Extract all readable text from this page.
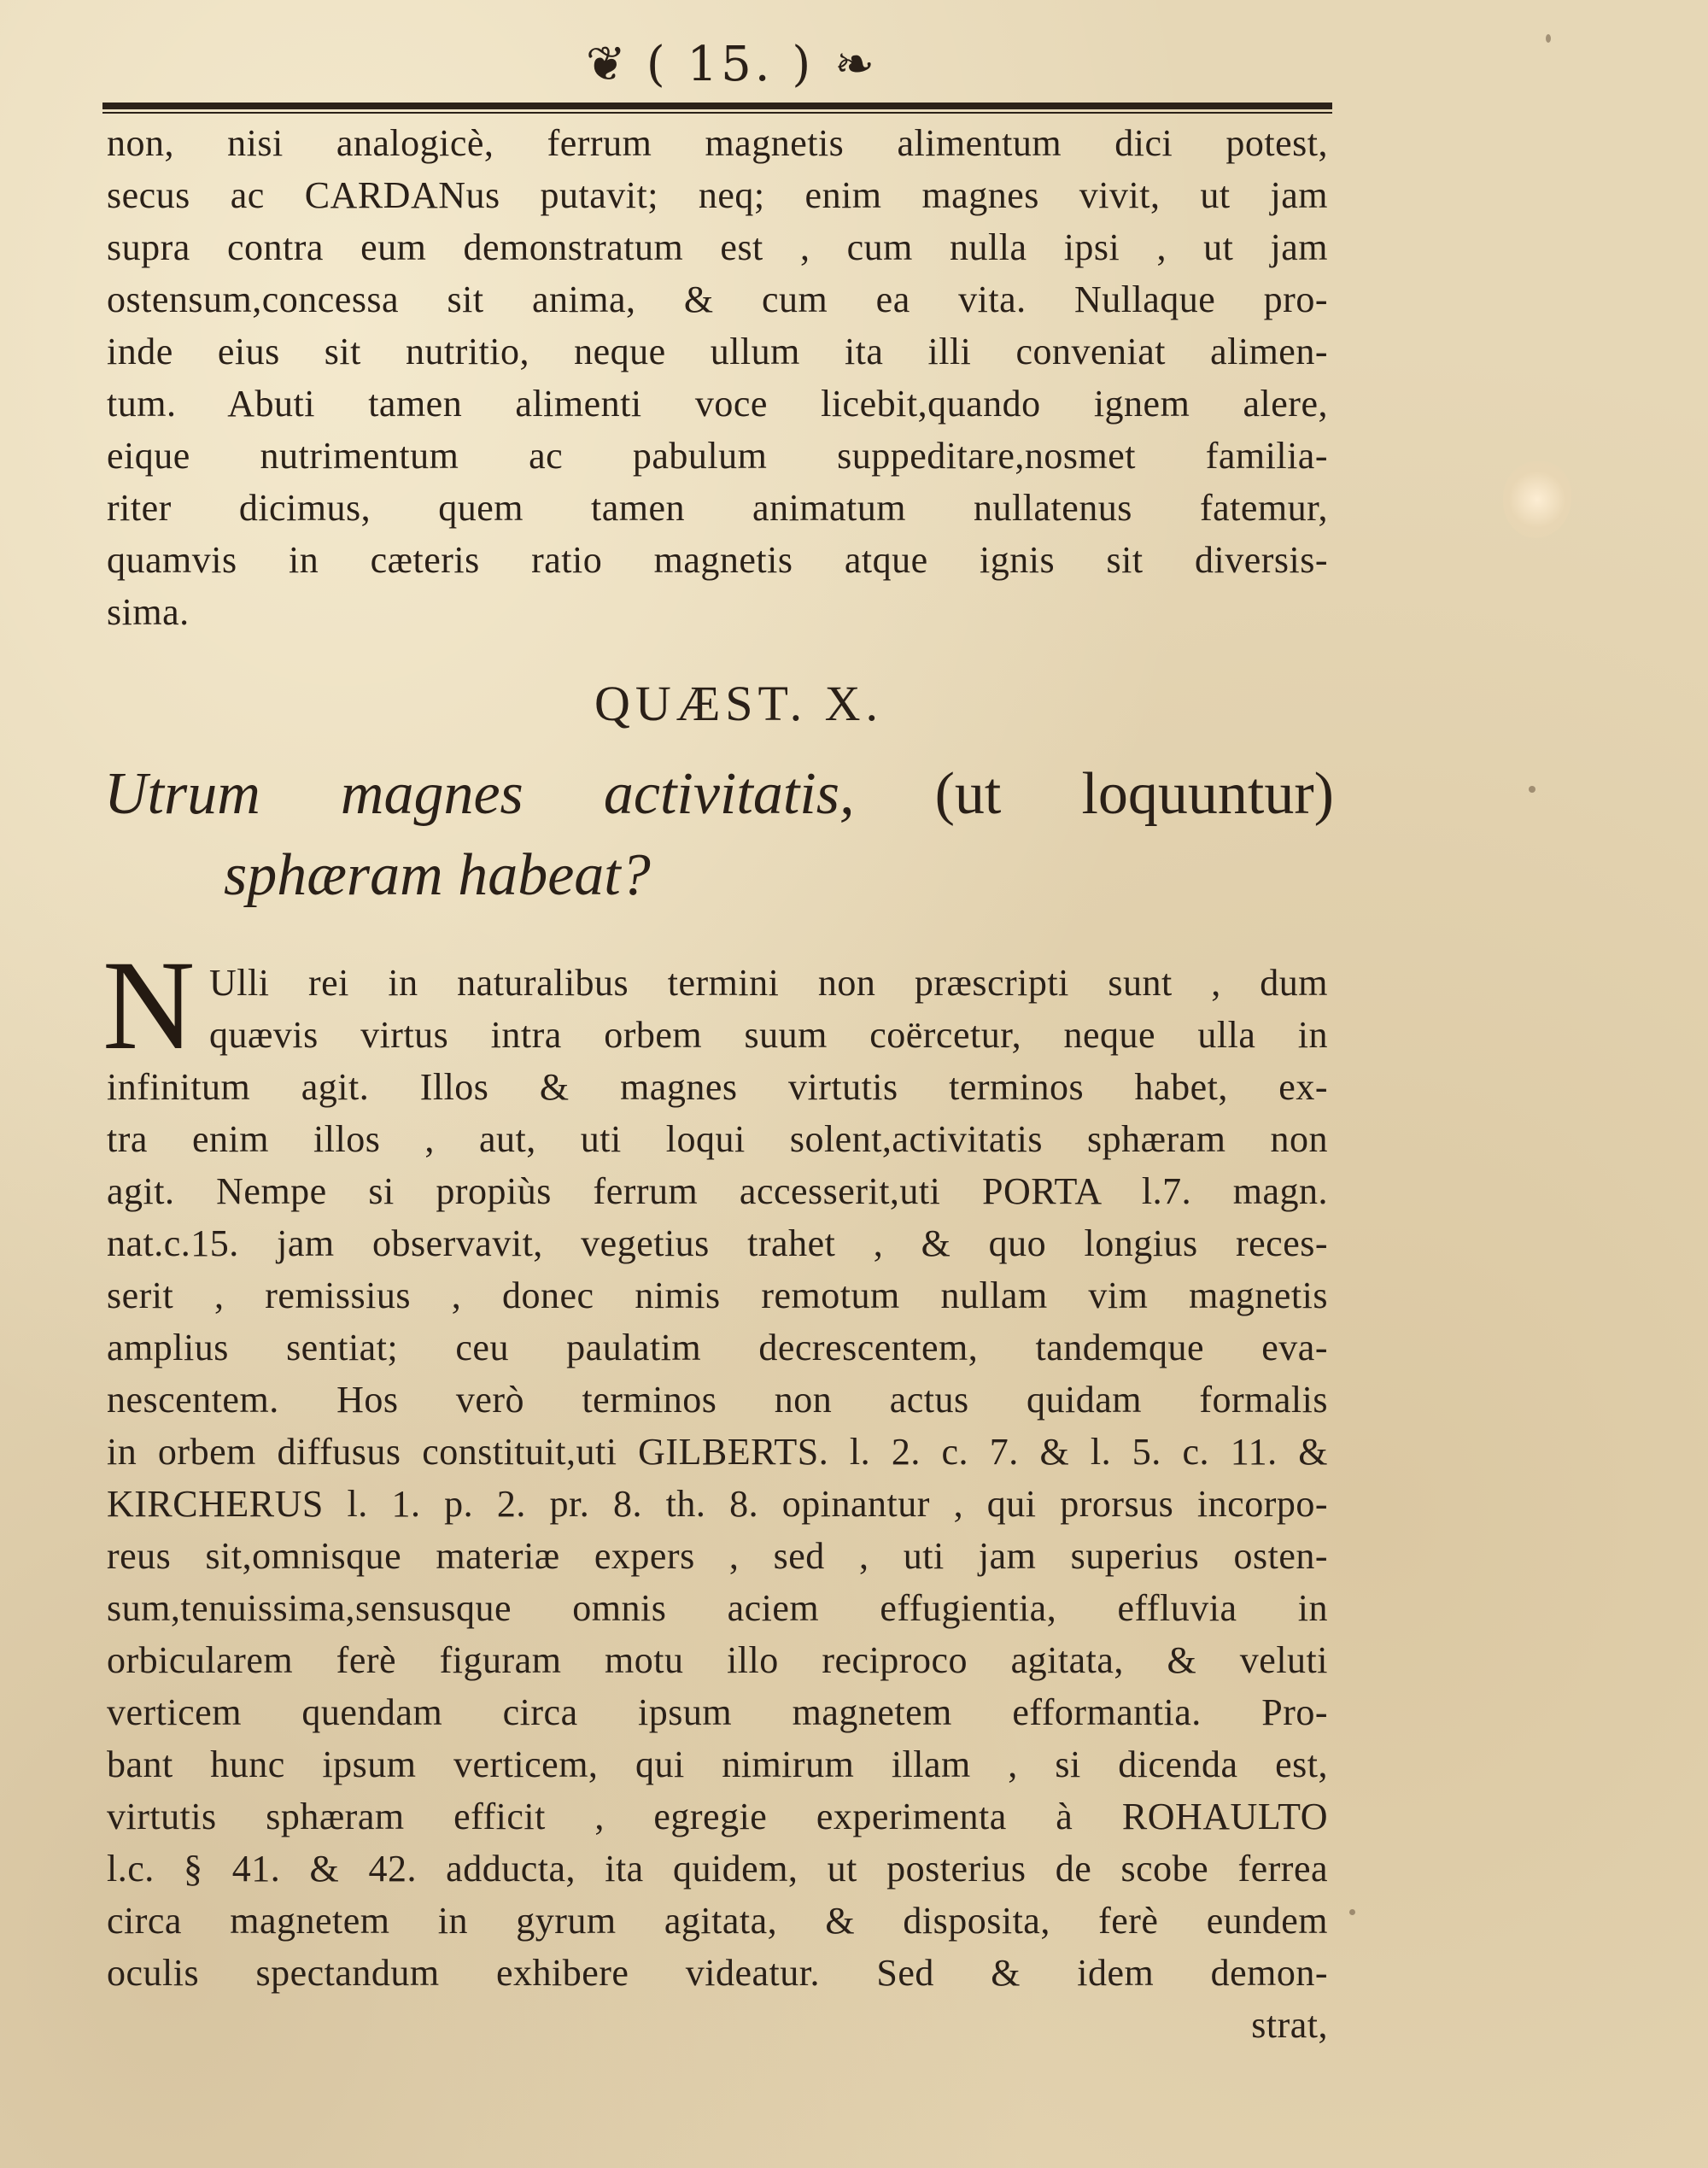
❦ ( 15. ) ❧
non, nisi analogicè, ferrum magnetis alimentum dici potest,
secus ac CARDANus putavit; neq; enim magnes vivit, ut jam
supra contra eum demonstratum est , cum nulla ipsi , ut jam
ostensum,concessa sit anima, & cum ea vita. Nullaque pro-
inde eius sit nutritio, neque ullum ita illi conveniat alimen-
tum. Abuti tamen alimenti voce licebit,quando ignem alere,
eique nutrimentum ac pabulum suppeditare,nosmet familia-
riter dicimus, quem tamen animatum nullatenus fatemur,
quamvis in cæteris ratio magnetis atque ignis sit diversis-
sima.
QUÆST. X.
Utrum magnes activitatis, (ut loquuntur)
sphæram habeat?
N Ulli rei in naturalibus termini non præscripti sunt , dum
quævis virtus intra orbem suum coërcetur, neque ulla in
infinitum agit. Illos & magnes virtutis terminos habet, ex-
tra enim illos , aut, uti loqui solent,activitatis sphæram non
agit. Nempe si propiùs ferrum accesserit,uti PORTA l.7. magn.
nat.c.15. jam observavit, vegetius trahet , & quo longius reces-
serit , remissius , donec nimis remotum nullam vim magnetis
amplius sentiat; ceu paulatim decrescentem, tandemque eva-
nescentem. Hos verò terminos non actus quidam formalis
in orbem diffusus constituit,uti GILBERTS. l. 2. c. 7. & l. 5. c. 11. &
KIRCHERUS l. 1. p. 2. pr. 8. th. 8. opinantur , qui prorsus incorpo-
reus sit,omnisque materiæ expers , sed , uti jam superius osten-
sum,tenuissima,sensusque omnis aciem effugientia, effluvia in
orbicularem ferè figuram motu illo reciproco agitata, & veluti
verticem quendam circa ipsum magnetem efformantia. Pro-
bant hunc ipsum verticem, qui nimirum illam , si dicenda est,
virtutis sphæram efficit , egregie experimenta à ROHAULTO
l.c. § 41. & 42. adducta, ita quidem, ut posterius de scobe ferrea
circa magnetem in gyrum agitata, & disposita, ferè eundem
oculis spectandum exhibere videatur. Sed & idem demon-
strat,
